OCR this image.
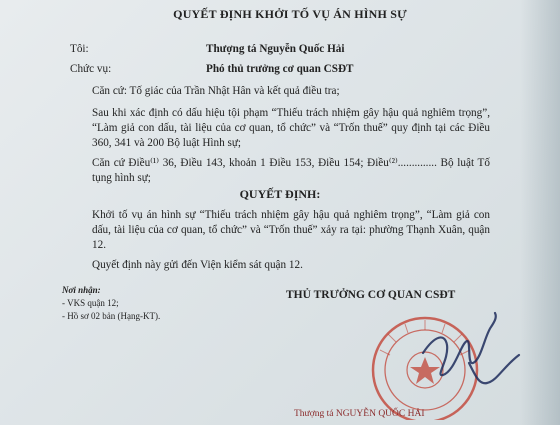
QUYẾT ĐỊNH KHỞI TỐ VỤ ÁN HÌNH SỰ
Tôi:	Thượng tá Nguyễn Quốc Hải
Chức vụ:	Phó thủ trưởng cơ quan CSĐT
Căn cứ: Tố giác của Trần Nhật Hân và kết quả điều tra;
Sau khi xác định có dấu hiệu tội phạm “Thiếu trách nhiệm gây hậu quả nghiêm trọng”, “Làm giả con dấu, tài liệu của cơ quan, tổ chức” và “Trốn thuế” quy định tại các Điều 360, 341 và 200 Bộ luật Hình sự;
Căn cứ Điều⁽¹⁾ 36, Điều 143, khoản 1 Điều 153, Điều 154; Điều⁽²⁾.............. Bộ luật Tố tụng hình sự;
QUYẾT ĐỊNH:
Khởi tố vụ án hình sự “Thiếu trách nhiệm gây hậu quả nghiêm trọng”, “Làm giả con dấu, tài liệu của cơ quan, tổ chức” và “Trốn thuế” xảy ra tại: phường Thạnh Xuân, quận 12.
Quyết định này gửi đến Viện kiểm sát quận 12.
Nơi nhận:
- VKS quận 12;
- Hồ sơ 02 bản (Hạng-KT).
THỦ TRƯỞNG CƠ QUAN CSĐT
Thượng tá NGUYỄN QUỐC HẢI
